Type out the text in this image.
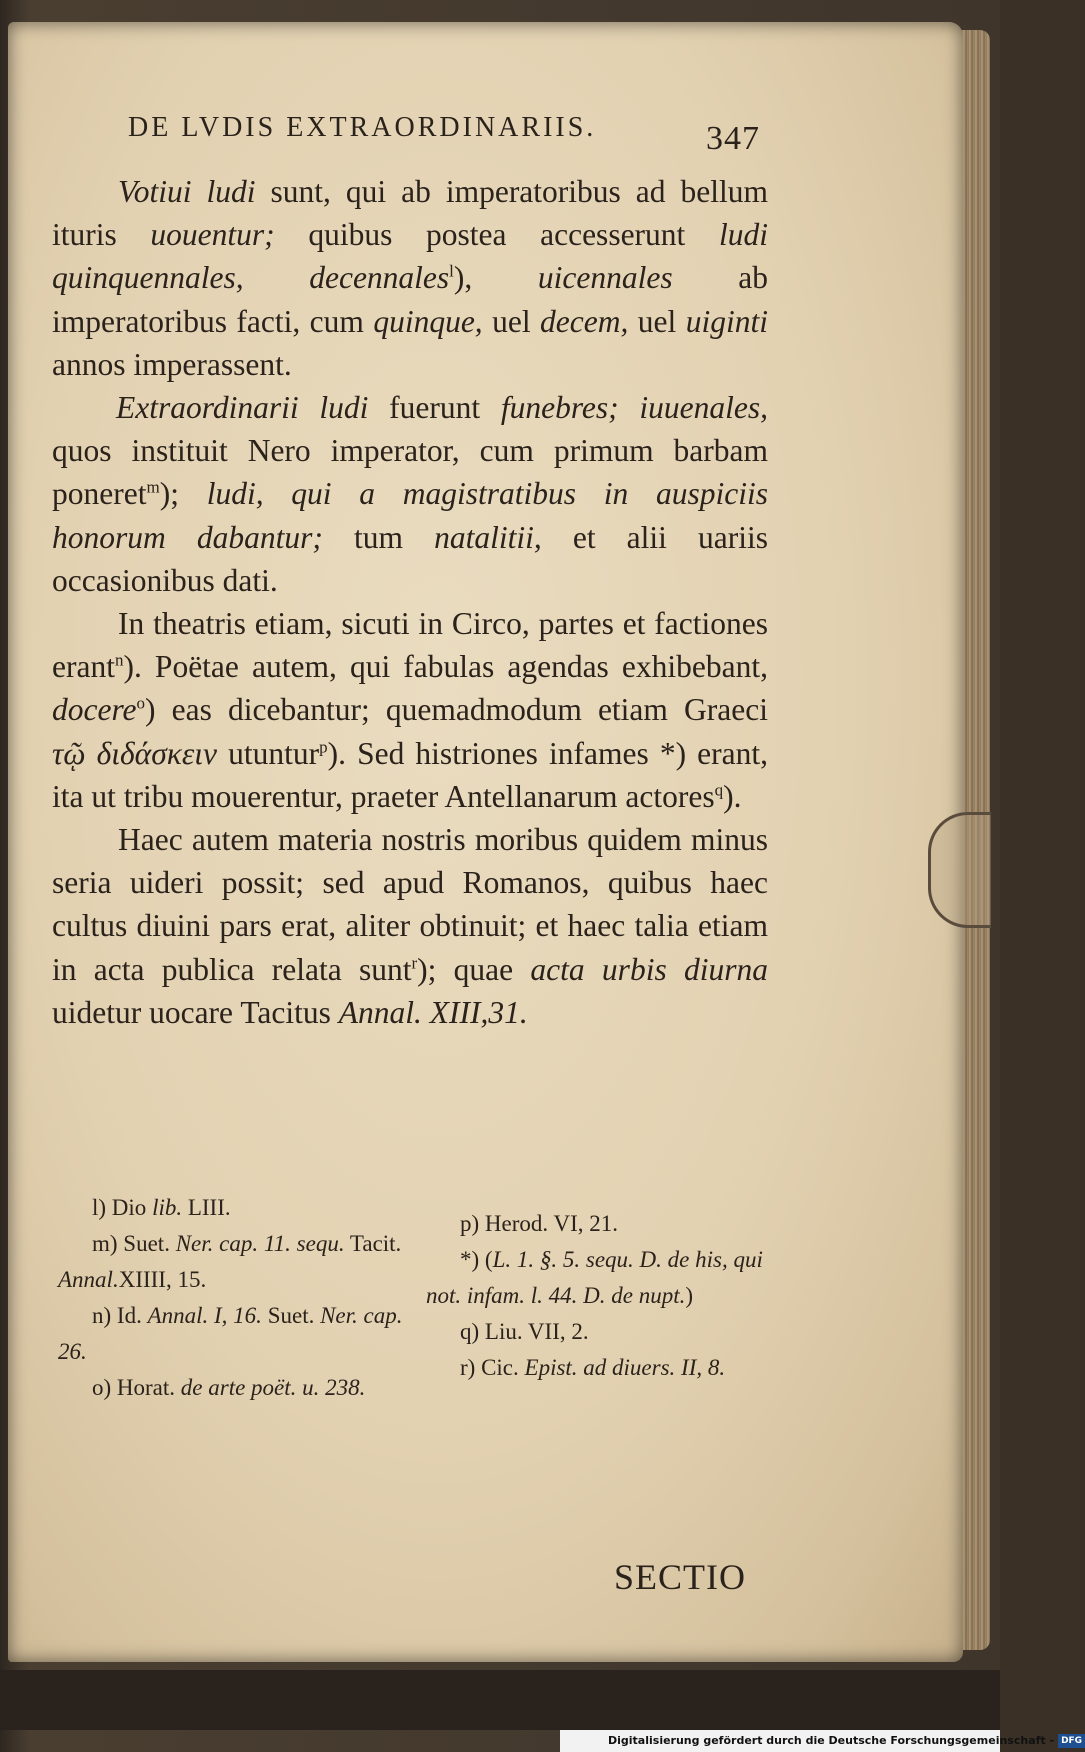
DE LVDIS EXTRAORDINARIIS.	347

Votiui ludi sunt, qui ab imperatoribus ad bellum ituris uouentur; quibus postea accesserunt ludi quinquennales, decennales$^l$), uicennales ab imperatoribus facti, cum quinque, uel decem, uel uiginti annos imperassent.

Extraordinarii ludi fuerunt funebres; iuuenales, quos instituit Nero imperator, cum primum barbam poneret$^m$); ludi, qui a magistratibus in auspiciis honorum dabantur; tum natalitii, et alii uariis occasionibus dati.

In theatris etiam, sicuti in Circo, partes et factiones erant$^n$). Poëtae autem, qui fabulas agendas exhibebant, docere$^o$) eas dicebantur; quemadmodum etiam Graeci τῷ διδάσκειν utuntur$^p$). Sed histriones infames *) erant, ita ut tribu mouerentur, praeter Antellanarum actores$^q$).

Haec autem materia nostris moribus quidem minus seria uideri possit; sed apud Romanos, quibus haec cultus diuini pars erat, aliter obtinuit; et haec talia etiam in acta publica relata sunt$^r$); quae acta urbis diurna uidetur uocare Tacitus Annal. XIII,31.

l) Dio lib. LIII.
m) Suet. Ner. cap. 11. sequ. Tacit. Annal.XIIII, 15.
n) Id. Annal. I, 16. Suet. Ner. cap. 26.
o) Horat. de arte poët. u. 238.
p) Herod. VI, 21.
*) (L. 1. §. 5. sequ. D. de his, qui not. infam. l. 44. D. de nupt.)
q) Liu. VII, 2.
r) Cic. Epist. ad diuers. II, 8.
SECTIO
Digitalisierung gefördert durch die Deutsche Forschungsgemeinschaft - DFG
